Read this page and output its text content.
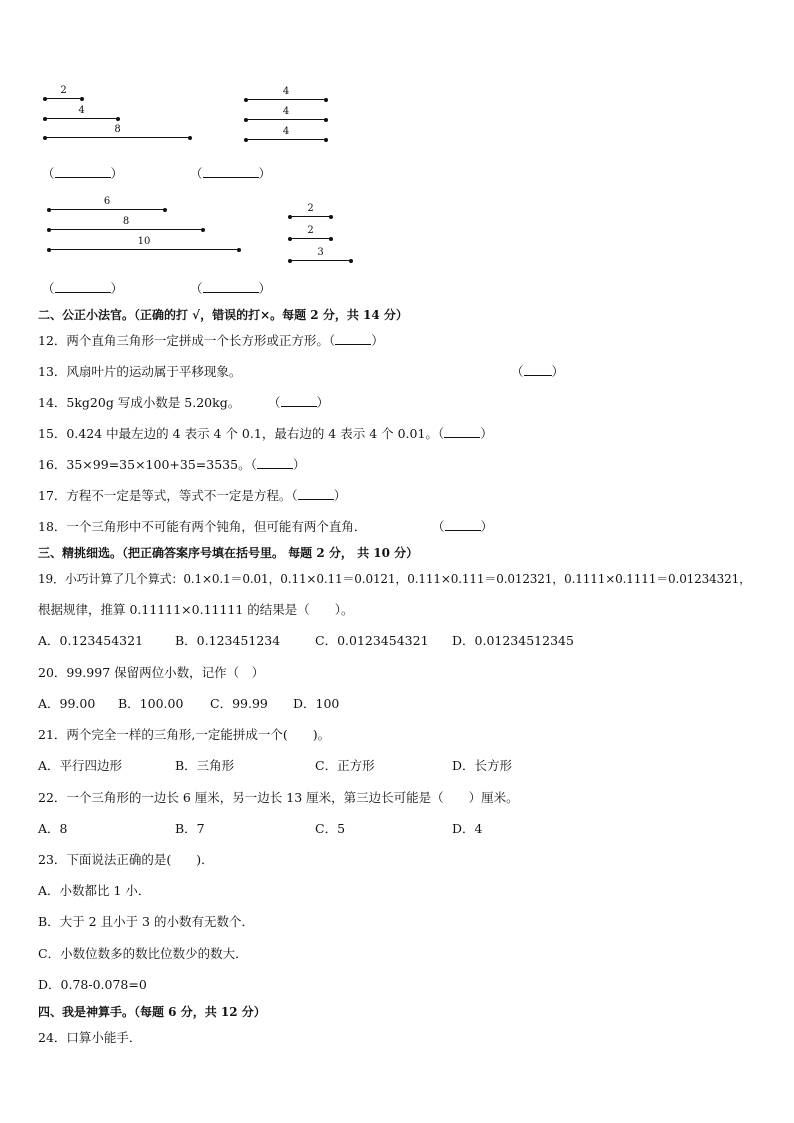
2
4
8
4
4
4
（	）	（	）
6
8
10
2
2
3
（	）	（	）
二、公正小法官。（正确的打 √，错误的打×。每题 2 分，共 14 分）
12．两个直角三角形一定拼成一个长方形或正方形。（	）
13．风扇叶片的运动属于平移现象。	（ ）
14．5kg20g 写成小数是 5.20kg。 （	）
15．0.424 中最左边的 4 表示 4 个 0.1，最右边的 4 表示 4 个 0.01。（	）
16．35×99=35×100+35=3535。（	）
17．方程不一定是等式，等式不一定是方程。（	）
18．一个三角形中不可能有两个钝角，但可能有两个直角．	（	）
三、精挑细选。（把正确答案序号填在括号里。 每题 2 分， 共 10 分）
19．小巧计算了几个算式：0.1×0.1＝0.01，0.11×0.11＝0.0121，0.111×0.111＝0.012321，0.1111×0.1111＝0.01234321，
根据规律，推算 0.11111×0.11111 的结果是（　　）。
A．0.123454321	B．0.123451234	C．0.0123454321 D．0.01234512345
20．99.997 保留两位小数，记作（　）
A．99.00 B．100.00 C．99.99 D．100
21．两个完全一样的三角形,一定能拼成一个(　　)。
A．平行四边形	B．三角形	C．正方形	D．长方形
22．一个三角形的一边长 6 厘米，另一边长 13 厘米，第三边长可能是（　　）厘米。
A．8	B．7	C．5	D．4
23．下面说法正确的是(　　)．
A．小数都比 1 小．
B．大于 2 且小于 3 的小数有无数个．
C．小数位数多的数比位数少的数大．
D．0.78-0.078=0
四、我是神算手。（每题 6 分，共 12 分）
24．口算小能手．
